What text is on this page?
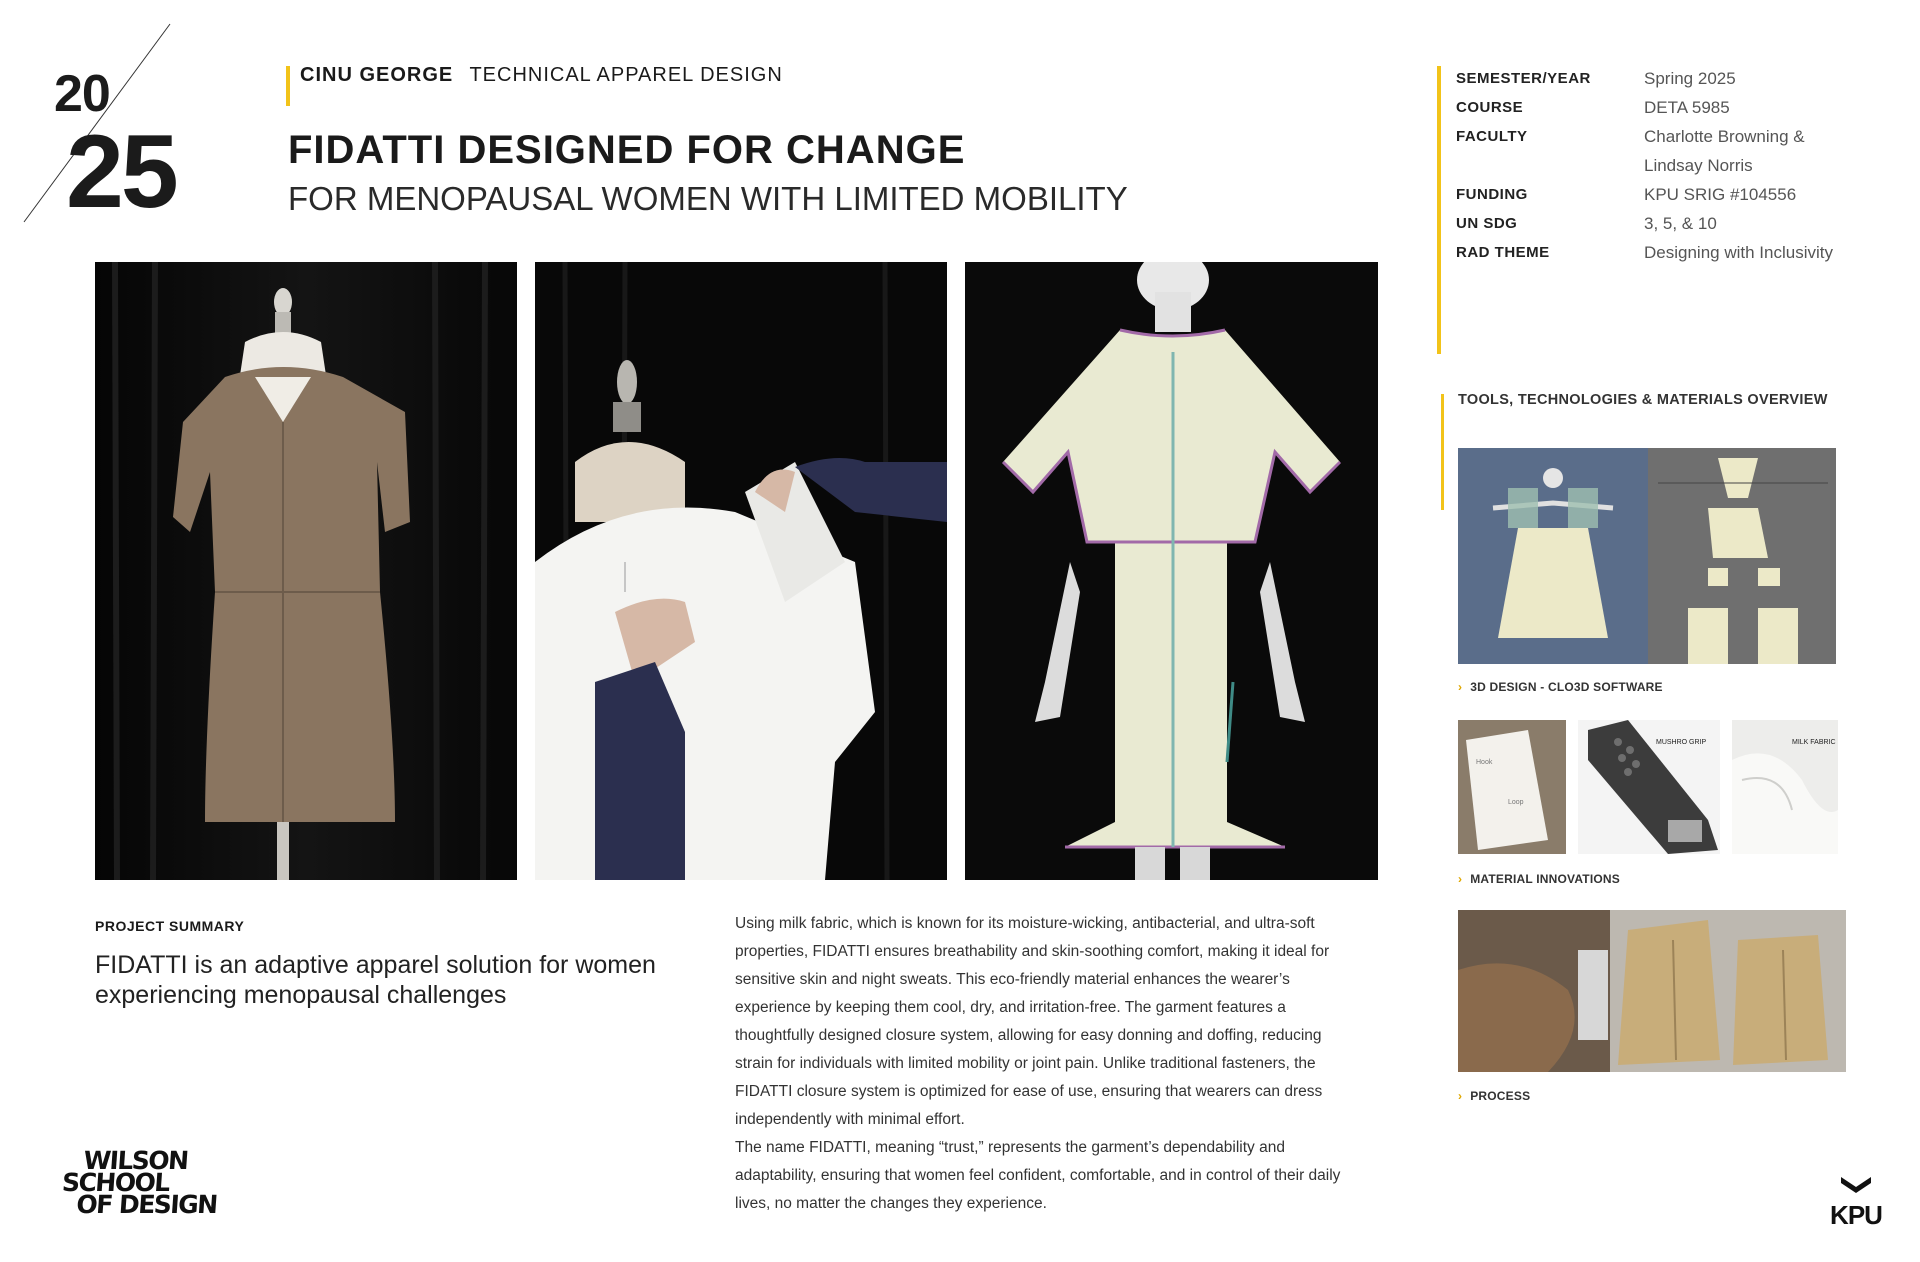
20
25
CINU GEORGE TECHNICAL APPAREL DESIGN
FIDATTI DESIGNED FOR CHANGE
FOR MENOPAUSAL WOMEN WITH LIMITED MOBILITY
SEMESTER/YEAR	Spring 2025
COURSE	DETA 5985
FACULTY	Charlotte Browning & Lindsay Norris
FUNDING	KPU SRIG #104556
UN SDG	3, 5, & 10
RAD THEME	Designing with Inclusivity
PROJECT SUMMARY
FIDATTI is an adaptive apparel solution for women experiencing menopausal challenges

Using milk fabric, which is known for its moisture-wicking, antibacterial, and ultra-soft properties, FIDATTI ensures breathability and skin-soothing comfort, making it ideal for sensitive skin and night sweats. This eco-friendly material enhances the wearer’s experience by keeping them cool, dry, and irritation-free. The garment features a thoughtfully designed closure system, allowing for easy donning and doffing, reducing strain for individuals with limited mobility or joint pain. Unlike traditional fasteners, the FIDATTI closure system is optimized for ease of use, ensuring that wearers can dress independently with minimal effort.

The name FIDATTI, meaning “trust,” represents the garment’s dependability and adaptability, ensuring that women feel confident, comfortable, and in control of their daily lives, no matter the changes they experience.

TOOLS, TECHNOLOGIES & MATERIALS OVERVIEW
› 3D DESIGN - CLO3D SOFTWARE
Hook
Loop
MUSHRO GRIP	MILK FABRIC
› MATERIAL INNOVATIONS
› PROCESS
WILSON
SCHOOL
OF DESIGN	KPU
